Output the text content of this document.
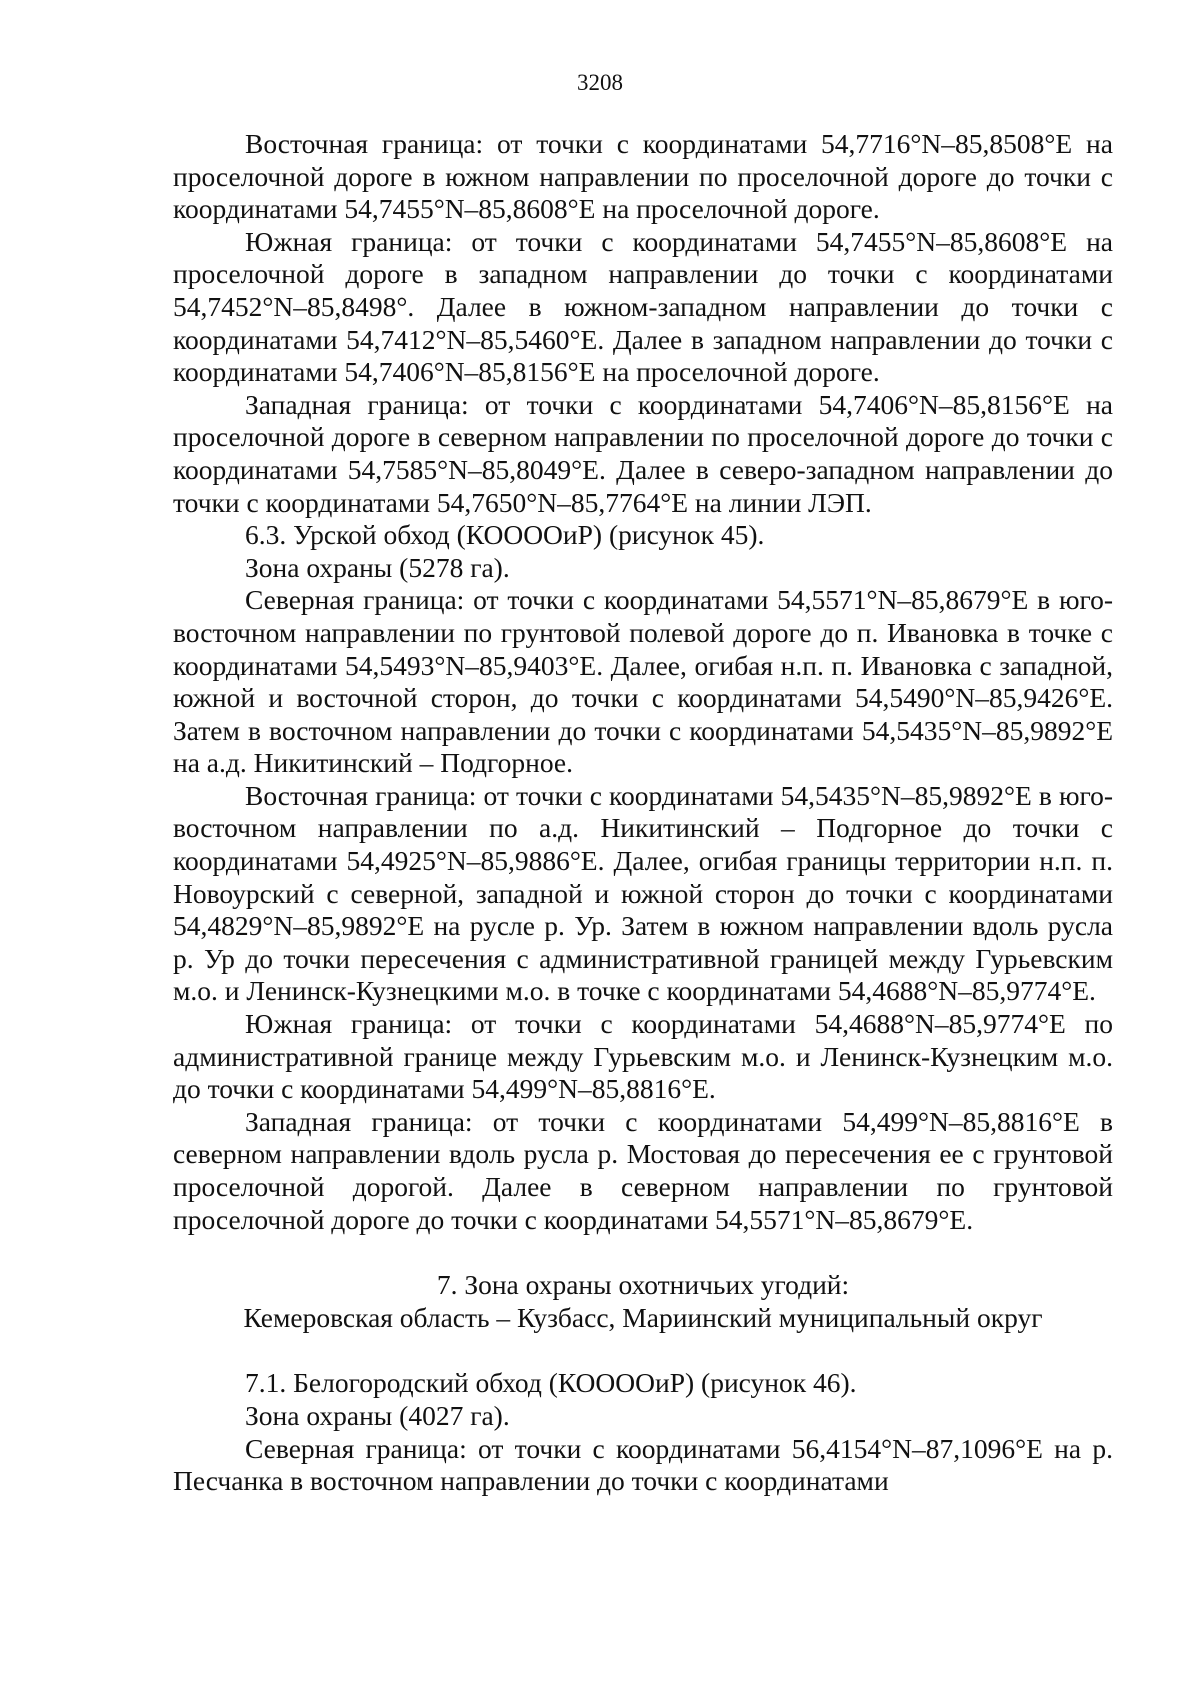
3208

Восточная граница: от точки с координатами 54,7716°N–85,8508°E на проселочной дороге в южном направлении по проселочной дороге до точки с координатами 54,7455°N–85,8608°E на проселочной дороге.

Южная граница: от точки с координатами 54,7455°N–85,8608°E на проселочной дороге в западном направлении до точки с координатами 54,7452°N–85,8498°. Далее в южном-западном направлении до точки с координатами 54,7412°N–85,5460°E. Далее в западном направлении до точки с координатами 54,7406°N–85,8156°E на проселочной дороге.

Западная граница: от точки с координатами 54,7406°N–85,8156°E на проселочной дороге в северном направлении по проселочной дороге до точки с координатами 54,7585°N–85,8049°E. Далее в северо-западном направлении до точки с координатами 54,7650°N–85,7764°E на линии ЛЭП.

6.3. Урской обход (КООООиР) (рисунок 45).

Зона охраны (5278 га).

Северная граница: от точки с координатами 54,5571°N–85,8679°E в юго-восточном направлении по грунтовой полевой дороге до п. Ивановка в точке с координатами 54,5493°N–85,9403°E. Далее, огибая н.п. п. Ивановка с западной, южной и восточной сторон, до точки с координатами 54,5490°N–85,9426°E. Затем в восточном направлении до точки с координатами 54,5435°N–85,9892°E на а.д. Никитинский – Подгорное.

Восточная граница: от точки с координатами 54,5435°N–85,9892°E в юго-восточном направлении по а.д. Никитинский – Подгорное до точки с координатами 54,4925°N–85,9886°E. Далее, огибая границы территории н.п. п. Новоурский с северной, западной и южной сторон до точки с координатами 54,4829°N–85,9892°E на русле р. Ур. Затем в южном направлении вдоль русла р. Ур до точки пересечения с административной границей между Гурьевским м.о. и Ленинск-Кузнецкими м.о. в точке с координатами 54,4688°N–85,9774°E.

Южная граница: от точки с координатами 54,4688°N–85,9774°E по административной границе между Гурьевским м.о. и Ленинск-Кузнецким м.о. до точки с координатами 54,499°N–85,8816°E.

Западная граница: от точки с координатами 54,499°N–85,8816°E в северном направлении вдоль русла р. Мостовая до пересечения ее с грунтовой проселочной дорогой. Далее в северном направлении по грунтовой проселочной дороге до точки с координатами 54,5571°N–85,8679°E.

7. Зона охраны охотничьих угодий:

Кемеровская область – Кузбасс, Мариинский муниципальный округ

7.1. Белогородский обход (КООООиР) (рисунок 46).

Зона охраны (4027 га).

Северная граница: от точки с координатами 56,4154°N–87,1096°E на р. Песчанка в восточном направлении до точки с координатами
